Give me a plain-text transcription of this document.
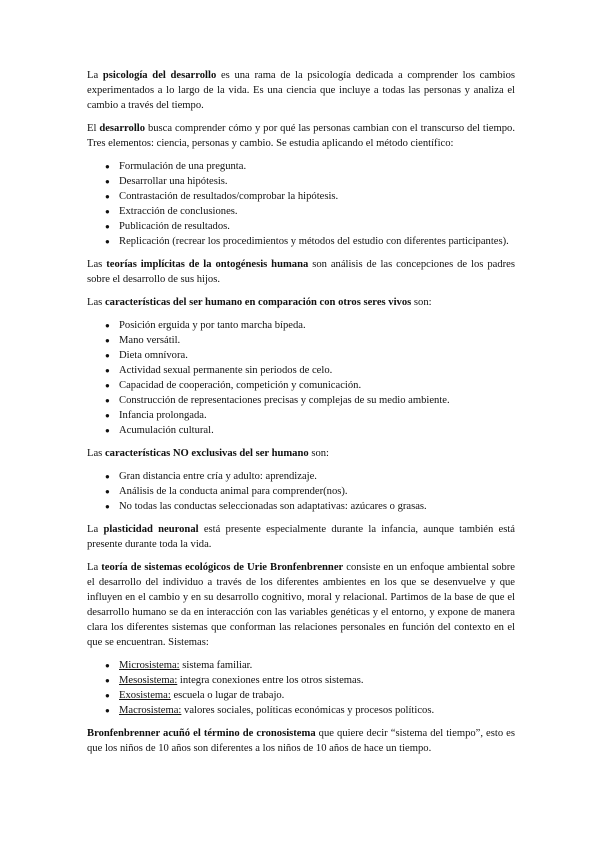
La psicología del desarrollo es una rama de la psicología dedicada a comprender los cambios experimentados a lo largo de la vida. Es una ciencia que incluye a todas las personas y analiza el cambio a través del tiempo.

El desarrollo busca comprender cómo y por qué las personas cambian con el transcurso del tiempo. Tres elementos: ciencia, personas y cambio. Se estudia aplicando el método científico:

● Formulación de una pregunta.
● Desarrollar una hipótesis.
● Contrastación de resultados/comprobar la hipótesis.
● Extracción de conclusiones.
● Publicación de resultados.
● Replicación (recrear los procedimientos y métodos del estudio con diferentes participantes).

Las teorías implícitas de la ontogénesis humana son análisis de las concepciones de los padres sobre el desarrollo de sus hijos.

Las características del ser humano en comparación con otros seres vivos son:

● Posición erguida y por tanto marcha bípeda.
● Mano versátil.
● Dieta omnívora.
● Actividad sexual permanente sin periodos de celo.
● Capacidad de cooperación, competición y comunicación.
● Construcción de representaciones precisas y complejas de su medio ambiente.
● Infancia prolongada.
● Acumulación cultural.

Las características NO exclusivas del ser humano son:

● Gran distancia entre cría y adulto: aprendizaje.
● Análisis de la conducta animal para comprender(nos).
● No todas las conductas seleccionadas son adaptativas: azúcares o grasas.

La plasticidad neuronal está presente especialmente durante la infancia, aunque también está presente durante toda la vida.

La teoría de sistemas ecológicos de Urie Bronfenbrenner consiste en un enfoque ambiental sobre el desarrollo del individuo a través de los diferentes ambientes en los que se desenvuelve y que influyen en el cambio y en su desarrollo cognitivo, moral y relacional. Partimos de la base de que el desarrollo humano se da en interacción con las variables genéticas y el entorno, y expone de manera clara los diferentes sistemas que conforman las relaciones personales en función del contexto en el que se encuentran. Sistemas:

● Microsistema: sistema familiar.
● Mesosistema: integra conexiones entre los otros sistemas.
● Exosistema: escuela o lugar de trabajo.
● Macrosistema: valores sociales, políticas económicas y procesos políticos.

Bronfenbrenner acuñó el término de cronosistema que quiere decir “sistema del tiempo”, esto es que los niños de 10 años son diferentes a los niños de 10 años de hace un tiempo.
